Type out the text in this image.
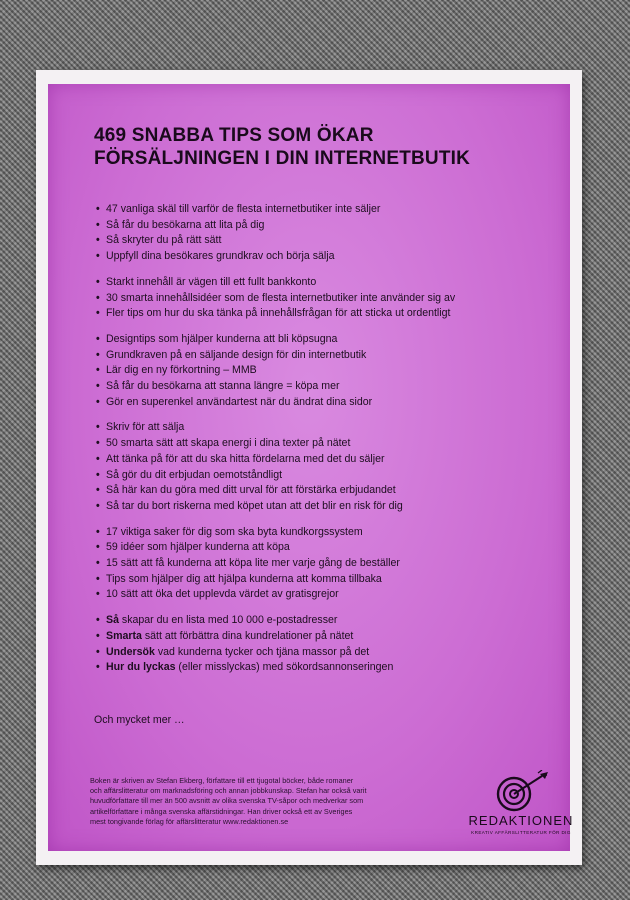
469 SNABBA TIPS SOM ÖKAR
FÖRSÄLJNINGEN I DIN INTERNETBUTIK
• 47 vanliga skäl till varför de flesta internetbutiker inte säljer
• Så får du besökarna att lita på dig
• Så skryter du på rätt sätt
• Uppfyll dina besökares grundkrav och börja sälja
• Starkt innehåll är vägen till ett fullt bankkonto
• 30 smarta innehållsidéer som de flesta internetbutiker inte använder sig av
• Fler tips om hur du ska tänka på innehållsfrågan för att sticka ut ordentligt
• Designtips som hjälper kunderna att bli köpsugna
• Grundkraven på en säljande design för din internetbutik
• Lär dig en ny förkortning – MMB
• Så får du besökarna att stanna längre = köpa mer
• Gör en superenkel användartest när du ändrat dina sidor
• Skriv för att sälja
• 50 smarta sätt att skapa energi i dina texter på nätet
• Att tänka på för att du ska hitta fördelarna med det du säljer
• Så gör du dit erbjudan oemotståndligt
• Så här kan du göra med ditt urval för att förstärka erbjudandet
• Så tar du bort riskerna med köpet utan att det blir en risk för dig
• 17 viktiga saker för dig som ska byta kundkorgssystem
• 59 idéer som hjälper kunderna att köpa
• 15 sätt att få kunderna att köpa lite mer varje gång de beställer
• Tips som hjälper dig att hjälpa kunderna att komma tillbaka
• 10 sätt att öka det upplevda värdet av gratisgrejor
• Så skapar du en lista med 10 000 e-postadresser
• Smarta sätt att förbättra dina kundrelationer på nätet
• Undersök vad kunderna tycker och tjäna massor på det
• Hur du lyckas (eller misslyckas) med sökordsannonseringen
Och mycket mer …
Boken är skriven av Stefan Ekberg, författare till ett tjugotal böcker, både romaner
och affärslitteratur om marknadsföring och annan jobbkunskap. Stefan har också varit
huvudförfattare till mer än 500 avsnitt av olika svenska TV-såpor och medverkar som
artikelförfattare i många svenska affärstidningar. Han driver också ett av Sveriges
mest tongivande förlag för affärslitteratur www.redaktionen.se	REDAKTIONEN
KREATIV AFFÄRSLITTERATUR FÖR DIG
